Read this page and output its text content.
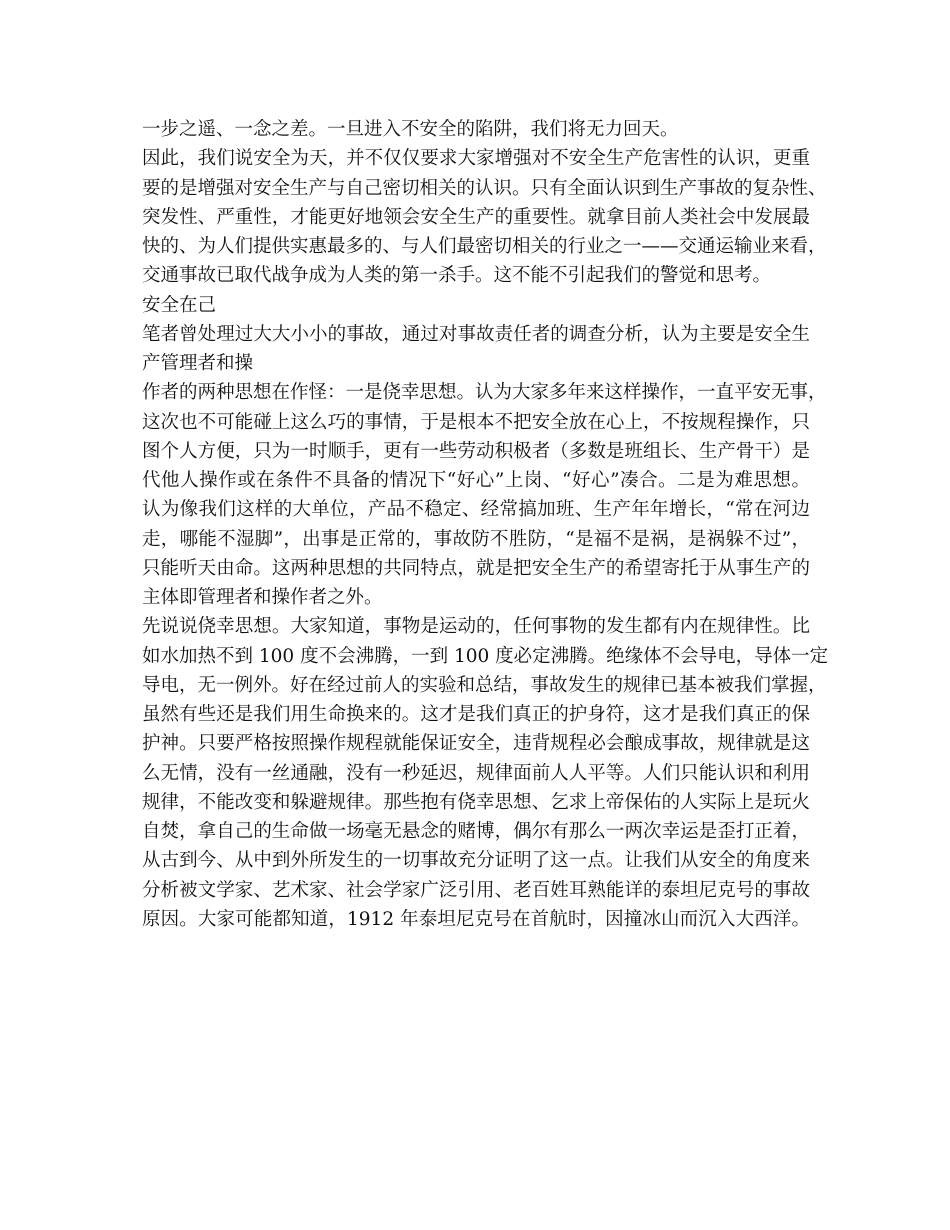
一步之遥、一念之差。一旦进入不安全的陷阱，我们将无力回天。
因此，我们说安全为天，并不仅仅要求大家增强对不安全生产危害性的认识，更重
要的是增强对安全生产与自己密切相关的认识。只有全面认识到生产事故的复杂性、
突发性、严重性，才能更好地领会安全生产的重要性。就拿目前人类社会中发展最
快的、为人们提供实惠最多的、与人们最密切相关的行业之一——交通运输业来看，
交通事故已取代战争成为人类的第一杀手。这不能不引起我们的警觉和思考。
安全在己
笔者曾处理过大大小小的事故，通过对事故责任者的调查分析，认为主要是安全生
产管理者和操
作者的两种思想在作怪：一是侥幸思想。认为大家多年来这样操作，一直平安无事，
这次也不可能碰上这么巧的事情，于是根本不把安全放在心上，不按规程操作，只
图个人方便，只为一时顺手，更有一些劳动积极者（多数是班组长、生产骨干）是
代他人操作或在条件不具备的情况下“好心”上岗、“好心”凑合。二是为难思想。
认为像我们这样的大单位，产品不稳定、经常搞加班、生产年年增长，“常在河边
走，哪能不湿脚”，出事是正常的，事故防不胜防，“是福不是祸，是祸躲不过”，
只能听天由命。这两种思想的共同特点，就是把安全生产的希望寄托于从事生产的
主体即管理者和操作者之外。
先说说侥幸思想。大家知道，事物是运动的，任何事物的发生都有内在规律性。比
如水加热不到 100 度不会沸腾，一到 100 度必定沸腾。绝缘体不会导电，导体一定
导电，无一例外。好在经过前人的实验和总结，事故发生的规律已基本被我们掌握，
虽然有些还是我们用生命换来的。这才是我们真正的护身符，这才是我们真正的保
护神。只要严格按照操作规程就能保证安全，违背规程必会酿成事故，规律就是这
么无情，没有一丝通融，没有一秒延迟，规律面前人人平等。人们只能认识和利用
规律，不能改变和躲避规律。那些抱有侥幸思想、乞求上帝保佑的人实际上是玩火
自焚，拿自己的生命做一场毫无悬念的赌博，偶尔有那么一两次幸运是歪打正着，
从古到今、从中到外所发生的一切事故充分证明了这一点。让我们从安全的角度来
分析被文学家、艺术家、社会学家广泛引用、老百姓耳熟能详的泰坦尼克号的事故
原因。大家可能都知道，1912 年泰坦尼克号在首航时，因撞冰山而沉入大西洋。
